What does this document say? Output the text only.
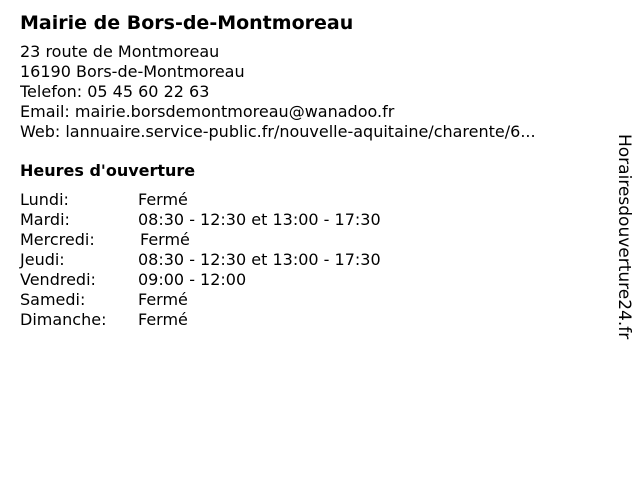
Mairie de Bors-de-Montmoreau
23 route de Montmoreau
16190 Bors-de-Montmoreau
Telefon: 05 45 60 22 63
Email: mairie.borsdemontmoreau@wanadoo.fr
Web: lannuaire.service-public.fr/nouvelle-aquitaine/charente/6...
Heures d'ouverture
Lundi:	Fermé
Mardi:	08:30 - 12:30 et 13:00 - 17:30
Mercredi:	Fermé
Jeudi:	08:30 - 12:30 et 13:00 - 17:30
Vendredi:	09:00 - 12:00
Samedi:	Fermé
Dimanche: Fermé	Horairesdouverture24.fr
